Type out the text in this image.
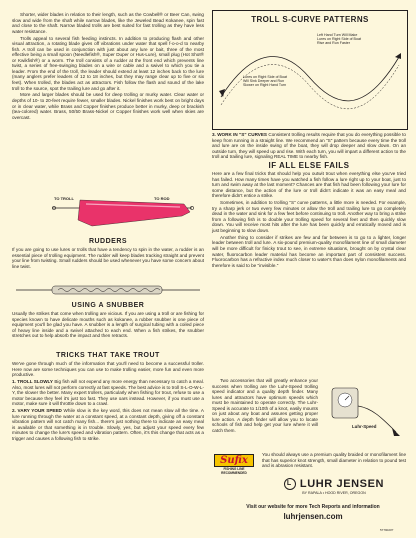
Shorter, wider blades in relation to their length, such as the Cowbell® or Beer Can, swing slow and wide from the shaft while narrow blades, like the Jeweled Bead Kokanee, spin fast and close to the shaft. Narrow bladed trolls are best suited for fast trolling as they have less water resistance.

Trolls appeal to several fish feeding instincts. In addition to producing flash and other visual attraction, a rotating blade gives off vibrations under water that spell f-o-o-d to nearby fish. A troll can be used in conjunction with just about any lure or bait, three of the most effective being a small spoon (Needlefish®, Super Duper or Hus-Lure), small plug (Hot Shot® or Kwikfish®) or a worm. The troll consists of a rudder at the front end which prevents line twist, a series of free-swinging blades on a wire or cable and a swivel to which you tie a leader. From the end of the troll, the leader should extend at least 12 inches back to the lure (many anglers prefer leaders of 12 to 18 inches, but they may range clear up to five or six feet). When trolled, the blades act as attractors. Fish follow the flash and sound of the lake troll to the source, spot the trailing lure and go after it.

More and larger blades should be used for deep trolling or murky water. Clear water or depths of 10- to 20-feet require fewer, smaller blades. Nickel finishes work best on bright days or in clear water, while Brass and Copper finishes produce better in murky, deep or brackish (tea-colored) water. Brass, 50/50 Brass-Nickel or Copper finishes work well when skies are overcast.

TO TROLL	TO ROD
RUDDERS

If you are going to use lures or trolls that have a tendency to spin in the water, a rudder is an essential piece of trolling equipment. The rudder will keep blades tracking straight and prevent your line from twisting. Small rudders should be used whenever you have some concern about line twist.

USING A SNUBBER

Usually the strikes that come when trolling are vicious. If you are using a troll or are fishing for species known to have delicate mouths such as kokanee, a rubber snubber is one piece of equipment you'll be glad you have. A snubber is a length of surgical tubing with a coiled piece of heavy line inside and a swivel attached to each end. When a fish strikes, the snubber stretches out to help absorb the impact and then retracts.

TRICKS THAT TAKE TROUT

We've gone through much of the information that you'll need to become a successful troller. Here now are some techniques you can use to make trolling easier, more fun and even more productive.

1. TROLL SLOWLY Big fish will not expend any more energy than necessary to catch a meal. Also, most lures will not perform correctly at fast speeds. The best advice is to troll S-L-O-W-L-Y, the slower the better. Many expert trollers, particularly when fishing for trout, refuse to use a motor because they feel it's just too fast. They use oars instead. However, if you must use a motor, make sure it will throttle down to a crawl.

2. VARY YOUR SPEED While slow is the key word, this does not mean slow all the time. A lure running through the water at a constant speed, at a constant depth, giving off a constant vibration pattern will not catch many fish... there's just nothing there to indicate an easy meal is available or that something is in trouble. Slowly, yes, but adjust your speed every few minutes to change the lure's speed and vibration pattern. Often, it's this change that acts as a trigger and causes a following fish to strike.

TROLL S-CURVE PATTERNS
Lures on Right Side of Boat Will Sink Deeper and Run Slower on Right Hand Turn
Left Hand Turn Will Make Lures on Right Side of Boat Rise and Run Faster

3. WORK IN "S" CURVES Consistent trolling results require that you do everything possible to keep from running in a straight line. We recommend an "S" pattern because every time the troll and lure are on the inside swing of the boat, they will drop deeper and slow down. On an outside turn, they will speed up and rise. With each turn, you will impart a different action to the troll and trailing lure, signaling REAL TIME to nearby fish.

IF ALL ELSE FAILS

Here are a few final tricks that should help you outwit trout when everything else you've tried has failed. How many times have you watched a fish follow a lure right up to your boat, just to turn and swim away at the last moment? Chances are that fish had been following your lure for some distance, but the action of the lure or troll didn't indicate it was an easy meal and therefore didn't entice a strike.

Sometimes, in addition to trolling "S" curve patterns, a little more is needed. For example, try a sharp jerk or two every few minutes or allow the troll and trailing lure to go completely dead in the water and sink for a few feet before continuing to troll. Another way to bring a strike from a following fish is to double your trolling speed for several feet and then quickly slow down. You will receive most hits after the lure has been quickly and erratically moved and is just beginning to slow down.

Another thing to consider if strikes are few and far between is to go to a lighter, longer leader between troll and lure. A six-pound premium-quality monofilament line of small diameter will be more difficult for finicky trout to see, in extreme situations, brought on by crystal clear water, fluorocarbon leader material has become an important part of consistent success. Fluorocarbon has a refractive index much closer to water's than does nylon monofilaments and therefore is said to be "invisible."

Two accessories that will greatly enhance your success when trolling are the Luhr-Speed trolling speed indicator and a quality depth finder. Many lures and attractors have optimum speeds which must be maintained to operate correctly. The Luhr-Speed is accurate to 1/10th of a knot, easily mounts on just about any boat and assures getting proper lure action. A depth finder will allow you to locate schools of fish and help get your lure where it will catch them.

Luhr-Speed
Sufix
FISHING LINE RECOMMENDED

You should always use a premium quality braided or monofilament line that has superior knot strength, small diameter in relation to pound test and is abrasion resistant.

L LUHR JENSEN
BY RAPALA • HOOD RIVER, OREGON
Visit our website for more Tech Reports and information
luhrjensen.com
5779020?
